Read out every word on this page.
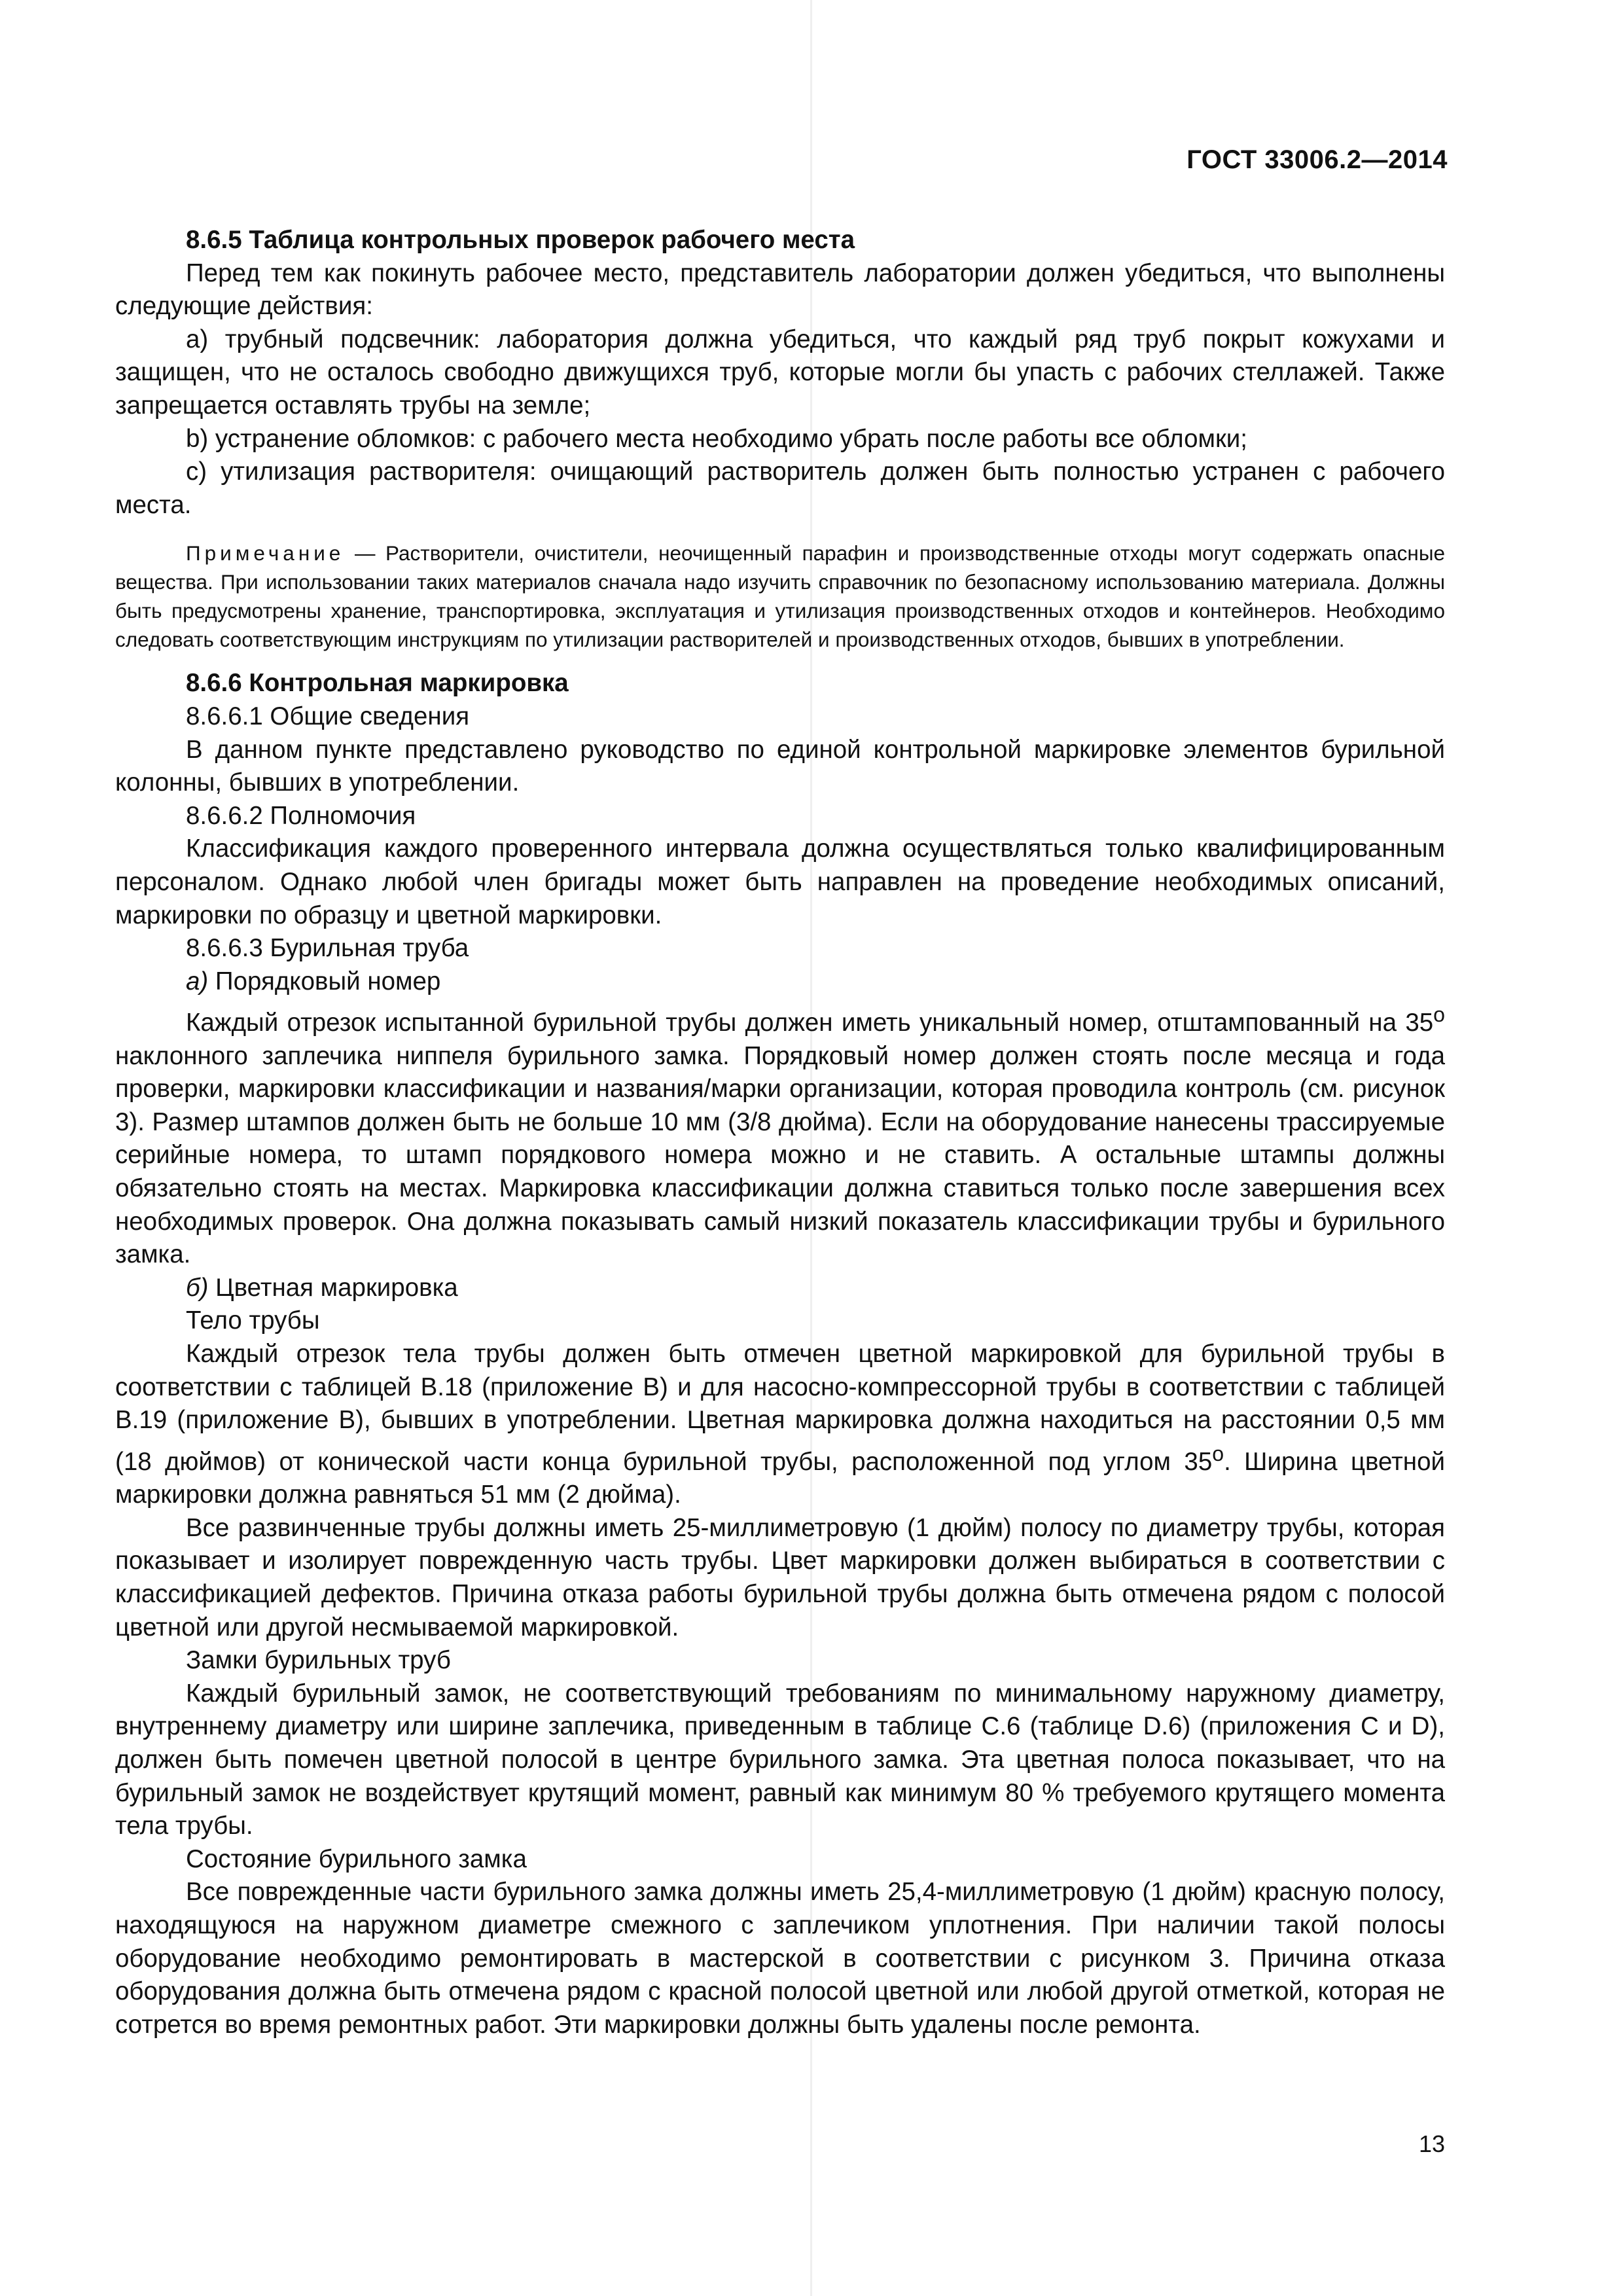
ГОСТ 33006.2—2014

8.6.5 Таблица контрольных проверок рабочего места

Перед тем как покинуть рабочее место, представитель лаборатории должен убедиться, что выполнены следующие действия:

a) трубный подсвечник: лаборатория должна убедиться, что каждый ряд труб покрыт кожухами и защищен, что не осталось свободно движущихся труб, которые могли бы упасть с рабочих стеллажей. Также запрещается оставлять трубы на земле;

b) устранение обломков: с рабочего места необходимо убрать после работы все обломки;

c) утилизация растворителя: очищающий растворитель должен быть полностью устранен с рабочего места.

Примечание — Растворители, очистители, неочищенный парафин и производственные отходы могут содержать опасные вещества. При использовании таких материалов сначала надо изучить справочник по безопасному использованию материала. Должны быть предусмотрены хранение, транспортировка, эксплуатация и утилизация производственных отходов и контейнеров. Необходимо следовать соответствующим инструкциям по утилизации растворителей и производственных отходов, бывших в употреблении.

8.6.6 Контрольная маркировка

8.6.6.1 Общие сведения

В данном пункте представлено руководство по единой контрольной маркировке элементов бурильной колонны, бывших в употреблении.

8.6.6.2 Полномочия

Классификация каждого проверенного интервала должна осуществляться только квалифицированным персоналом. Однако любой член бригады может быть направлен на проведение необходимых описаний, маркировки по образцу и цветной маркировки.

8.6.6.3 Бурильная труба

а) Порядковый номер

Каждый отрезок испытанной бурильной трубы должен иметь уникальный номер, отштампованный на $35^о$ наклонного заплечика ниппеля бурильного замка. Порядковый номер должен стоять после месяца и года проверки, маркировки классификации и названия/марки организации, которая проводила контроль (см. рисунок 3). Размер штампов должен быть не больше 10 мм (3/8 дюйма). Если на оборудование нанесены трассируемые серийные номера, то штамп порядкового номера можно и не ставить. А остальные штампы должны обязательно стоять на местах. Маркировка классификации должна ставиться только после завершения всех необходимых проверок. Она должна показывать самый низкий показатель классификации трубы и бурильного замка.

б) Цветная маркировка

Тело трубы

Каждый отрезок тела трубы должен быть отмечен цветной маркировкой для бурильной трубы в соответствии с таблицей В.18 (приложение В) и для насосно-компрессорной трубы в соответствии с таблицей В.19 (приложение В), бывших в употреблении. Цветная маркировка должна находиться на расстоянии 0,5 мм (18 дюймов) от конической части конца бурильной трубы, расположенной под углом $35^о$. Ширина цветной маркировки должна равняться 51 мм (2 дюйма).

Все развинченные трубы должны иметь 25-миллиметровую (1 дюйм) полосу по диаметру трубы, которая показывает и изолирует поврежденную часть трубы. Цвет маркировки должен выбираться в соответствии с классификацией дефектов. Причина отказа работы бурильной трубы должна быть отмечена рядом с полосой цветной или другой несмываемой маркировкой.

Замки бурильных труб

Каждый бурильный замок, не соответствующий требованиям по минимальному наружному диаметру, внутреннему диаметру или ширине заплечика, приведенным в таблице С.6 (таблице D.6) (приложения С и D), должен быть помечен цветной полосой в центре бурильного замка. Эта цветная полоса показывает, что на бурильный замок не воздействует крутящий момент, равный как минимум 80 % требуемого крутящего момента тела трубы.

Состояние бурильного замка

Все поврежденные части бурильного замка должны иметь 25,4-миллиметровую (1 дюйм) красную полосу, находящуюся на наружном диаметре смежного с заплечиком уплотнения. При наличии такой полосы оборудование необходимо ремонтировать в мастерской в соответствии с рисунком 3. Причина отказа оборудования должна быть отмечена рядом с красной полосой цветной или любой другой отметкой, которая не сотрется во время ремонтных работ. Эти маркировки должны быть удалены после ремонта.

13
